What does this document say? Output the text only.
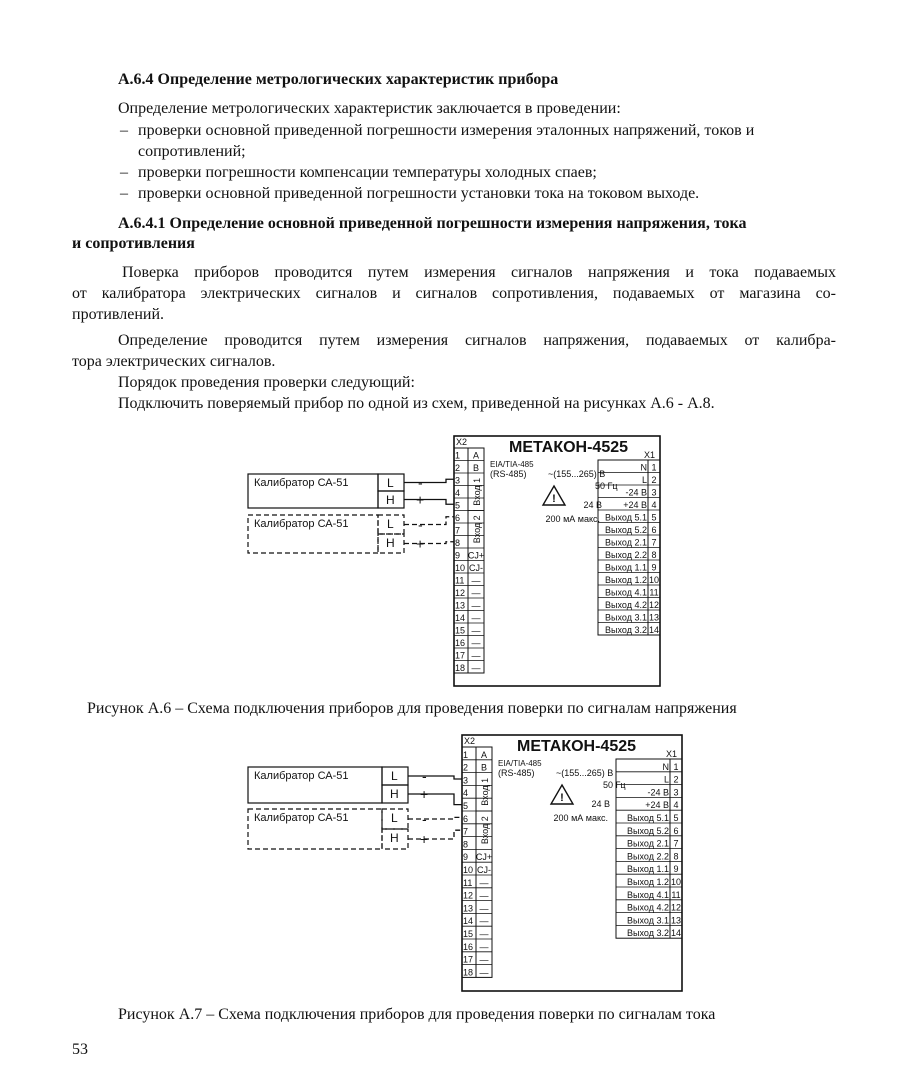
А.6.4 Определение метрологических характеристик прибора
Определение метрологических характеристик заключается в проведении:
– проверки основной приведенной погрешности измерения эталонных напряжений, токов и
сопротивлений;
– проверки погрешности компенсации температуры холодных спаев;
– проверки основной приведенной погрешности установки тока на токовом выходе.
А.6.4.1 Определение основной приведенной погрешности измерения напряжения, тока
и сопротивления
Поверка приборов проводится путем измерения сигналов напряжения и тока подаваемых
от калибратора электрических сигналов и сигналов сопротивления, подаваемых от магазина со-
противлений.
Определение проводится путем измерения сигналов напряжения, подаваемых от калибра-
тора электрических сигналов.
Порядок проведения проверки следующий:
Подключить поверяемый прибор по одной из схем, приведенной на рисунках А.6 - А.8.
X2
X1
МЕТАКОН-4525
1 A
2 B
3
4
5
6
7
8
9 CJ+
10 CJ-
11 —
12 —
13 —
14 —
15 —
16 —
17 —
18 —
Вход 1
Вход 2
EIA/TIA-485
(RS-485) ~(155...265) В
50 Гц
!	24 В
200 мА макс.
N 1
L 2
-24 В 3
+24 В 4
Выход 5.1 5
Выход 5.2 6
Выход 2.1 7
Выход 2.2 8
Выход 1.1 9
Выход 1.2 10
Выход 4.1 11
Выход 4.2 12
Выход 3.1 13
Выход 3.2 14
Калибратор СА-51	L
H
-
+
Калибратор СА-51	L
H
-
+
Рисунок А.6 – Схема подключения приборов для проведения поверки по сигналам напряжения
X2
X1
МЕТАКОН-4525
1 A
2 B
3
4
5
6
7
8
9 CJ+
10 CJ-
11 —
12 —
13 —
14 —
15 —
16 —
17 —
18 —
Вход 1
Вход 2
EIA/TIA-485
(RS-485) ~(155...265) В
50 Гц
!	24 В
200 мА макс.
N 1
L 2
-24 В 3
+24 В 4
Выход 5.1 5
Выход 5.2 6
Выход 2.1 7
Выход 2.2 8
Выход 1.1 9
Выход 1.2 10
Выход 4.1 11
Выход 4.2 12
Выход 3.1 13
Выход 3.2 14
Калибратор СА-51	L
H
-
+
Калибратор СА-51	L
H
-
+
Рисунок А.7 – Схема подключения приборов для проведения поверки по сигналам тока
53
